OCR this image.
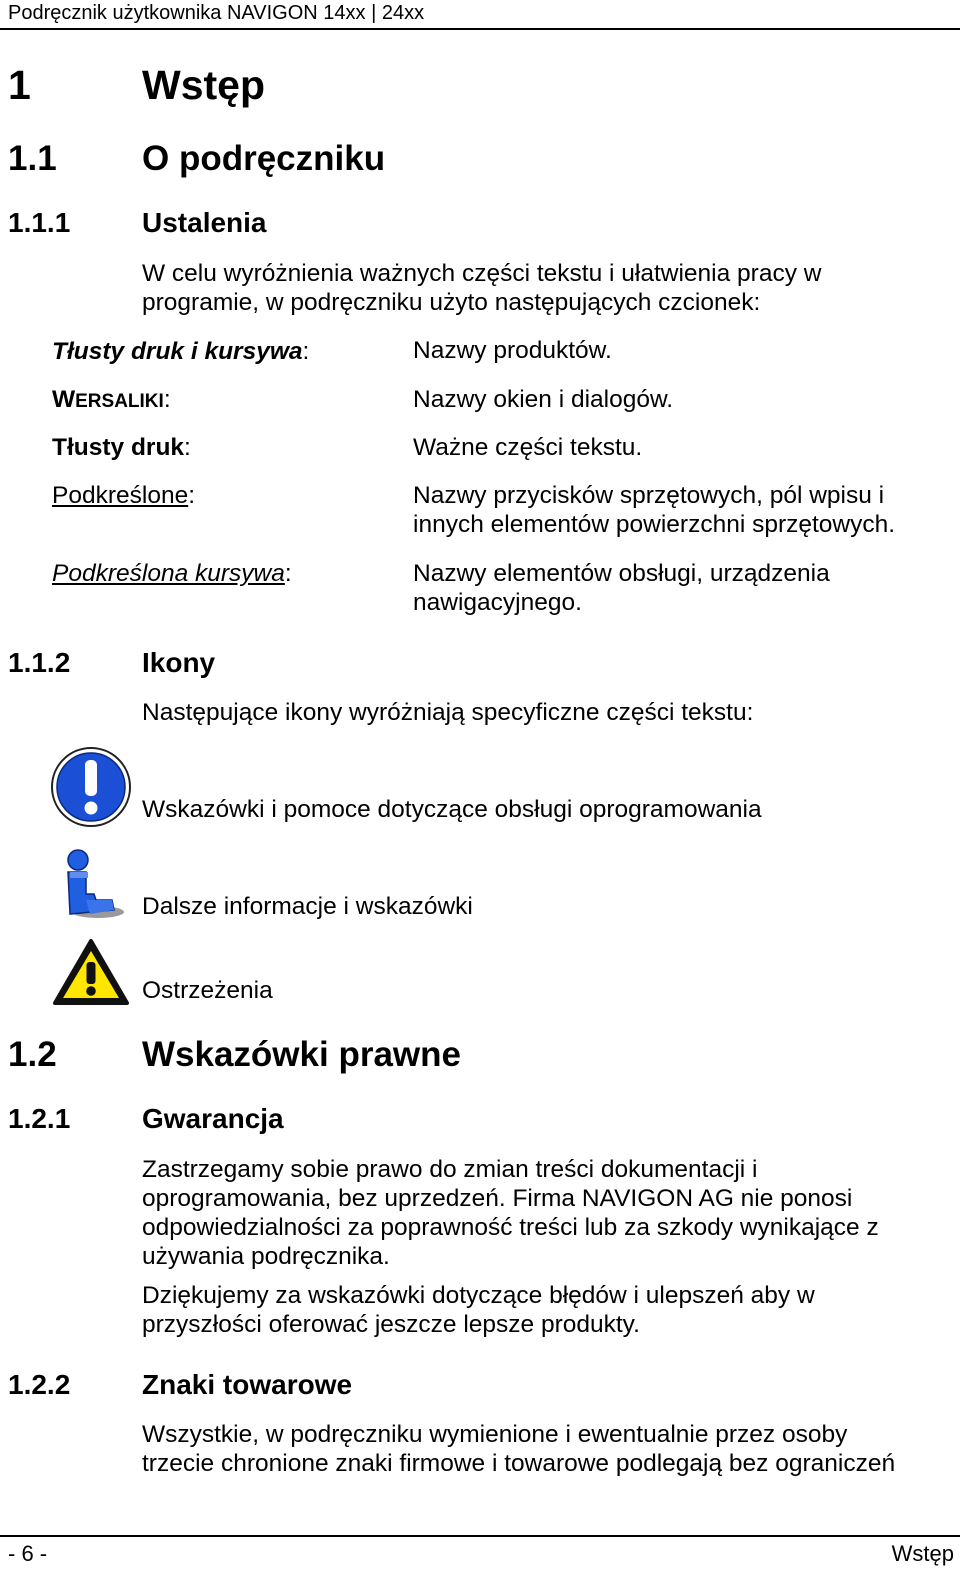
Podręcznik użytkownika NAVIGON 14xx | 24xx
1	Wstęp
1.1 O podręczniku
1.1.1	Ustalenia
W celu wyróżnienia ważnych części tekstu i ułatwienia pracy w
programie, w podręczniku użyto następujących czcionek:
Tłusty druk i kursywa:	Nazwy produktów.
WERSALIKI:	Nazwy okien i dialogów.
Tłusty druk:	Ważne części tekstu.
Podkreślone:	Nazwy przycisków sprzętowych, pól wpisu i
innych elementów powierzchni sprzętowych.
Podkreślona kursywa:	Nazwy elementów obsługi, urządzenia
nawigacyjnego.
1.1.2	Ikony
Następujące ikony wyróżniają specyficzne części tekstu:
Wskazówki i pomoce dotyczące obsługi oprogramowania
Dalsze informacje i wskazówki
Ostrzeżenia
1.2 Wskazówki prawne
1.2.1	Gwarancja
Zastrzegamy sobie prawo do zmian treści dokumentacji i
oprogramowania, bez uprzedzeń. Firma NAVIGON AG nie ponosi
odpowiedzialności za poprawność treści lub za szkody wynikające z
używania podręcznika.
Dziękujemy za wskazówki dotyczące błędów i ulepszeń aby w
przyszłości oferować jeszcze lepsze produkty.
1.2.2	Znaki towarowe
Wszystkie, w podręczniku wymienione i ewentualnie przez osoby
trzecie chronione znaki firmowe i towarowe podlegają bez ograniczeń
- 6 -	Wstęp
